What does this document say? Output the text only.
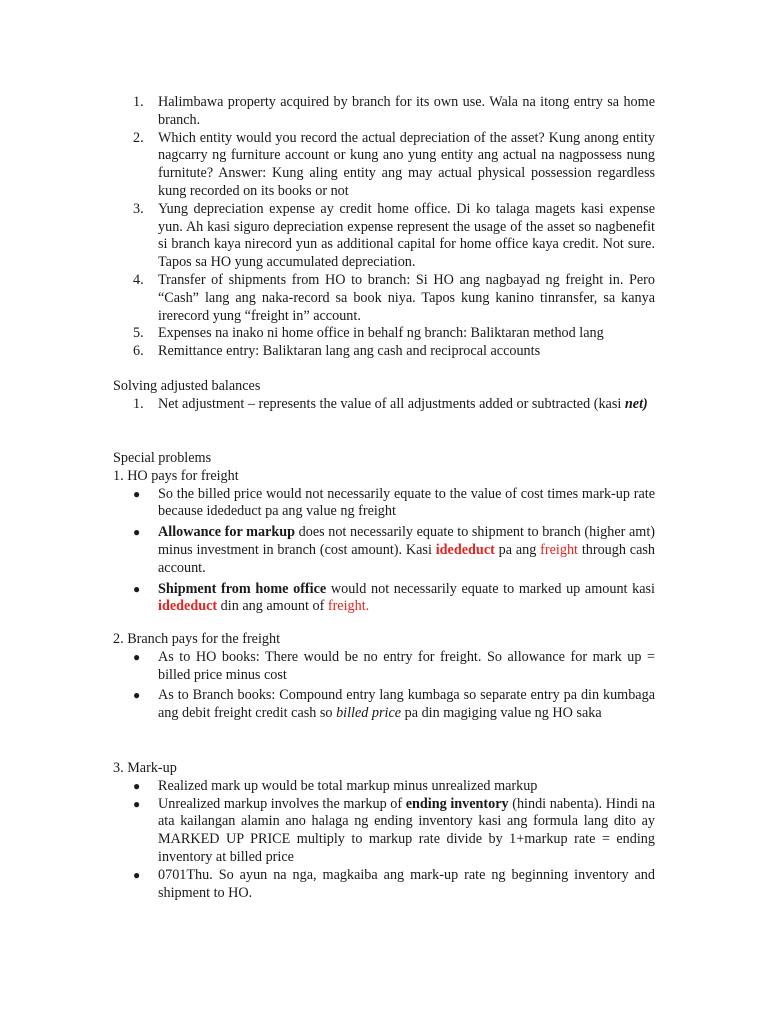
1. Halimbawa property acquired by branch for its own use. Wala na itong entry sa home branch.
2. Which entity would you record the actual depreciation of the asset? Kung anong entity nagcarry ng furniture account or kung ano yung entity ang actual na nagpossess nung furnitute? Answer: Kung aling entity ang may actual physical possession regardless kung recorded on its books or not
3. Yung depreciation expense ay credit home office. Di ko talaga magets kasi expense yun. Ah kasi siguro depreciation expense represent the usage of the asset so nagbenefit si branch kaya nirecord yun as additional capital for home office kaya credit. Not sure. Tapos sa HO yung accumulated depreciation.
4. Transfer of shipments from HO to branch: Si HO ang nagbayad ng freight in. Pero “Cash” lang ang naka-record sa book niya. Tapos kung kanino tinransfer, sa kanya irerecord yung “freight in” account.
5. Expenses na inako ni home office in behalf ng branch: Baliktaran method lang
6. Remittance entry: Baliktaran lang ang cash and reciprocal accounts

Solving adjusted balances

1. Net adjustment – represents the value of all adjustments added or subtracted (kasi net)

Special problems

1. HO pays for freight

● So the billed price would not necessarily equate to the value of cost times mark-up rate because idededuct pa ang value ng freight
● Allowance for markup does not necessarily equate to shipment to branch (higher amt) minus investment in branch (cost amount). Kasi idededuct pa ang freight through cash account.
● Shipment from home office would not necessarily equate to marked up amount kasi idededuct din ang amount of freight.

2. Branch pays for the freight

● As to HO books: There would be no entry for freight. So allowance for mark up = billed price minus cost
● As to Branch books: Compound entry lang kumbaga so separate entry pa din kumbaga ang debit freight credit cash so billed price pa din magiging value ng HO saka

3. Mark-up

● Realized mark up would be total markup minus unrealized markup
● Unrealized markup involves the markup of ending inventory (hindi nabenta). Hindi na ata kailangan alamin ano halaga ng ending inventory kasi ang formula lang dito ay MARKED UP PRICE multiply to markup rate divide by 1+markup rate = ending inventory at billed price
● 0701Thu. So ayun na nga, magkaiba ang mark-up rate ng beginning inventory and shipment to HO.
